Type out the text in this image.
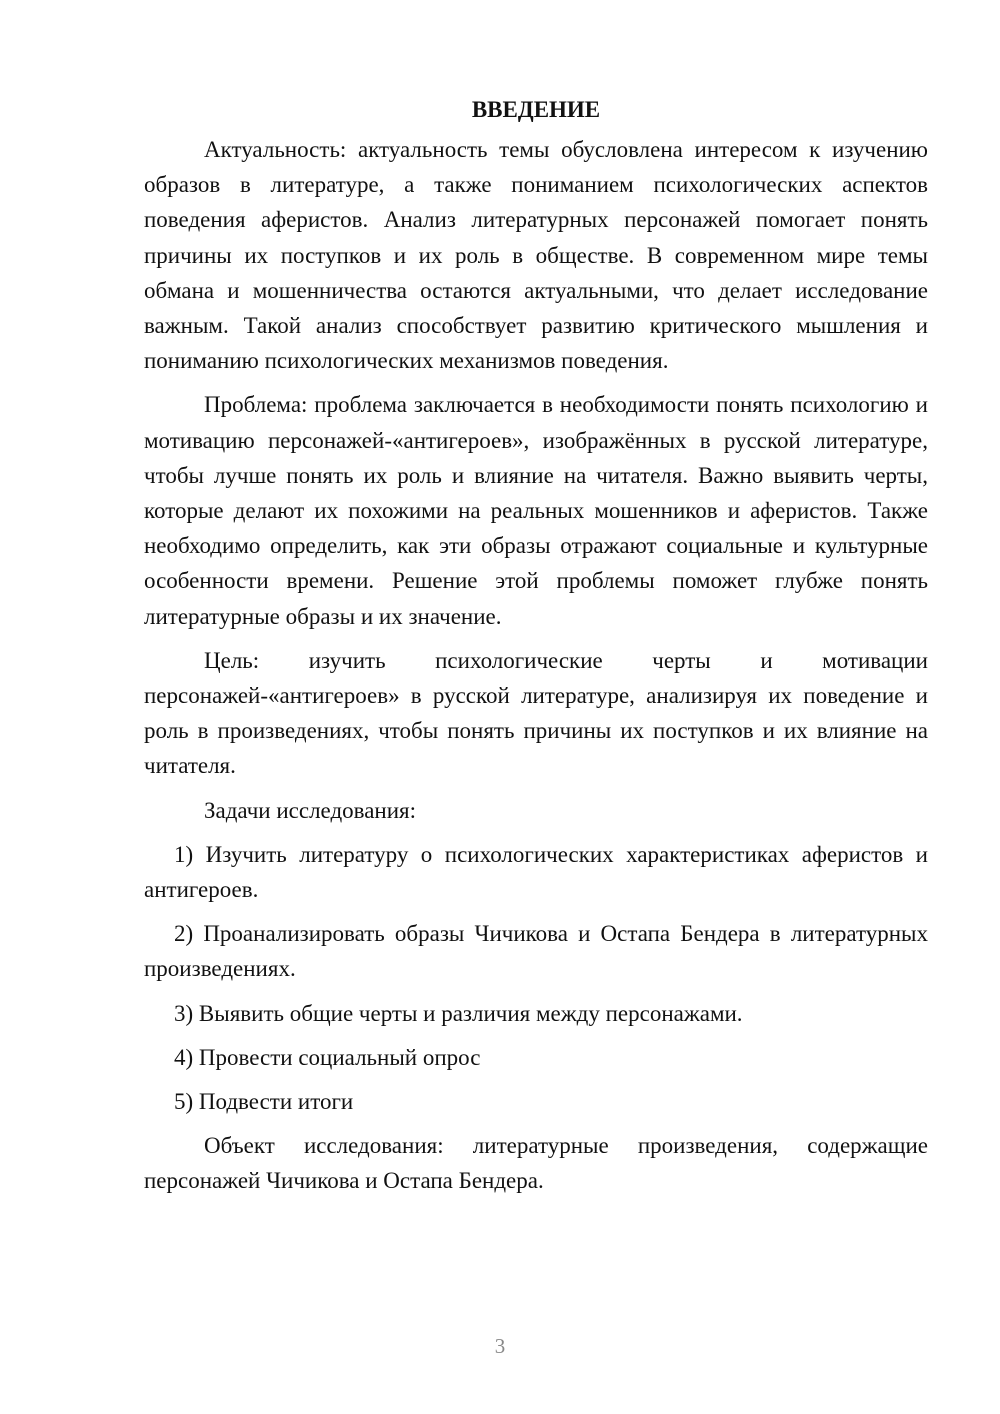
ВВЕДЕНИЕ

Актуальность: актуальность темы обусловлена интересом к изучению образов в литературе, а также пониманием психологических аспектов поведения аферистов. Анализ литературных персонажей помогает понять причины их поступков и их роль в обществе. В современном мире темы обмана и мошенничества остаются актуальными, что делает исследование важным. Такой анализ способствует развитию критического мышления и пониманию психологических механизмов поведения.

Проблема: проблема заключается в необходимости понять психологию и мотивацию персонажей-«антигероев», изображённых в русской литературе, чтобы лучше понять их роль и влияние на читателя. Важно выявить черты, которые делают их похожими на реальных мошенников и аферистов. Также необходимо определить, как эти образы отражают социальные и культурные особенности времени. Решение этой проблемы поможет глубже понять литературные образы и их значение.

Цель: изучить психологические черты и мотивации персонажей-«антигероев» в русской литературе, анализируя их поведение и роль в произведениях, чтобы понять причины их поступков и их влияние на читателя.

Задачи исследования:

1) Изучить литературу о психологических характеристиках аферистов и антигероев.

2) Проанализировать образы Чичикова и Остапа Бендера в литературных произведениях.

3) Выявить общие черты и различия между персонажами.

4) Провести социальный опрос

5) Подвести итоги

Объект исследования: литературные произведения, содержащие персонажей Чичикова и Остапа Бендера.

3
